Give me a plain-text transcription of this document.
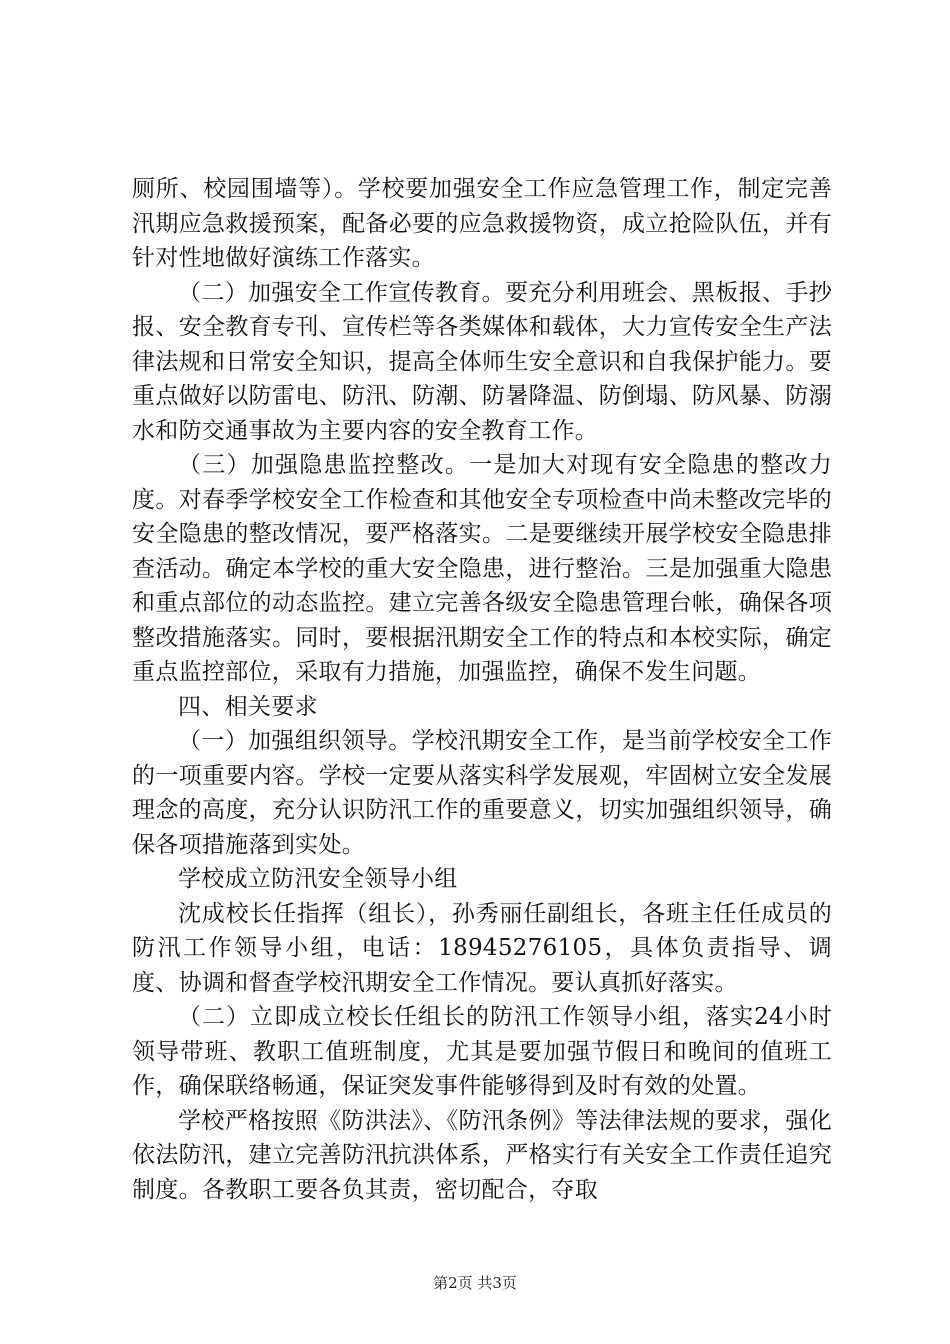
厕所、校园围墙等）。学校要加强安全工作应急管理工作，制定完善汛期应急救援预案，配备必要的应急救援物资，成立抢险队伍，并有针对性地做好演练工作落实。

（二）加强安全工作宣传教育。要充分利用班会、黑板报、手抄报、安全教育专刊、宣传栏等各类媒体和载体，大力宣传安全生产法律法规和日常安全知识，提高全体师生安全意识和自我保护能力。要重点做好以防雷电、防汛、防潮、防暑降温、防倒塌、防风暴、防溺水和防交通事故为主要内容的安全教育工作。

（三）加强隐患监控整改。一是加大对现有安全隐患的整改力度。对春季学校安全工作检查和其他安全专项检查中尚未整改完毕的安全隐患的整改情况，要严格落实。二是要继续开展学校安全隐患排查活动。确定本学校的重大安全隐患，进行整治。三是加强重大隐患和重点部位的动态监控。建立完善各级安全隐患管理台帐，确保各项整改措施落实。同时，要根据汛期安全工作的特点和本校实际，确定重点监控部位，采取有力措施，加强监控，确保不发生问题。

四、相关要求

（一）加强组织领导。学校汛期安全工作，是当前学校安全工作的一项重要内容。学校一定要从落实科学发展观，牢固树立安全发展理念的高度，充分认识防汛工作的重要意义，切实加强组织领导，确保各项措施落到实处。

学校成立防汛安全领导小组

沈成校长任指挥（组长），孙秀丽任副组长，各班主任任成员的防汛工作领导小组，电话：18945276105，具体负责指导、调度、协调和督查学校汛期安全工作情况。要认真抓好落实。

（二）立即成立校长任组长的防汛工作领导小组，落实24小时领导带班、教职工值班制度，尤其是要加强节假日和晚间的值班工作，确保联络畅通，保证突发事件能够得到及时有效的处置。

学校严格按照《防洪法》、《防汛条例》等法律法规的要求，强化依法防汛，建立完善防汛抗洪体系，严格实行有关安全工作责任追究制度。各教职工要各负其责，密切配合，夺取

第2页 共3页
